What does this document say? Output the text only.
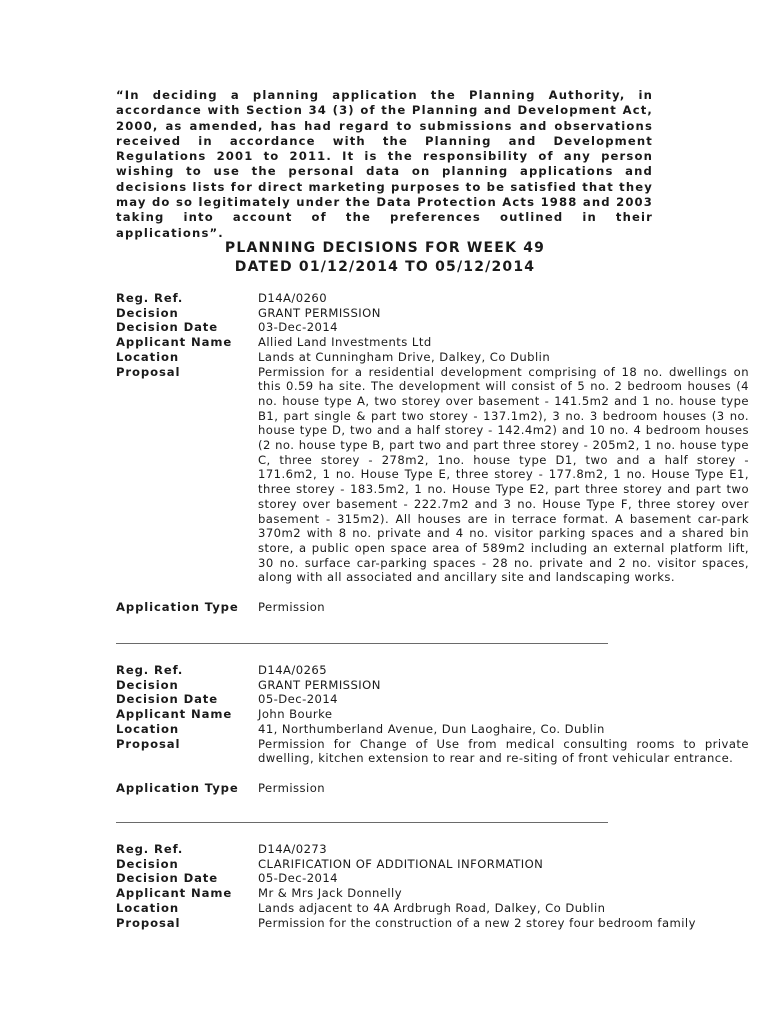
“In deciding a planning application the Planning Authority, in accordance with Section 34 (3) of the Planning and Development Act, 2000, as amended, has had regard to submissions and observations received in accordance with the Planning and Development Regulations 2001 to 2011. It is the responsibility of any person wishing to use the personal data on planning applications and decisions lists for direct marketing purposes to be satisfied that they may do so legitimately under the Data Protection Acts 1988 and 2003 taking into account of the preferences outlined in their applications”.

PLANNING DECISIONS FOR WEEK 49

DATED 01/12/2014 TO 05/12/2014

Reg. Ref.	D14A/0260
Decision	GRANT PERMISSION
Decision Date	03-Dec-2014
Applicant Name	Allied Land Investments Ltd
Location	Lands at Cunningham Drive, Dalkey, Co Dublin
Proposal	Permission for a residential development comprising of 18 no. dwellings on this 0.59 ha site. The development will consist of 5 no. 2 bedroom houses (4 no. house type A, two storey over basement - 141.5m2 and 1 no. house type B1, part single & part two storey - 137.1m2), 3 no. 3 bedroom houses (3 no. house type D, two and a half storey - 142.4m2) and 10 no. 4 bedroom houses (2 no. house type B, part two and part three storey - 205m2, 1 no. house type C, three storey - 278m2, 1no. house type D1, two and a half storey - 171.6m2, 1 no. House Type E, three storey - 177.8m2, 1 no. House Type E1, three storey - 183.5m2, 1 no. House Type E2, part three storey and part two storey over basement - 222.7m2 and 3 no. House Type F, three storey over basement - 315m2). All houses are in terrace format. A basement car-park 370m2 with 8 no. private and 4 no. visitor parking spaces and a shared bin store, a public open space area of 589m2 including an external platform lift, 30 no. surface car-parking spaces - 28 no. private and 2 no. visitor spaces, along with all associated and ancillary site and landscaping works.
Application Type	Permission
Reg. Ref.	D14A/0265
Decision	GRANT PERMISSION
Decision Date	05-Dec-2014
Applicant Name	John Bourke
Location	41, Northumberland Avenue, Dun Laoghaire, Co. Dublin
Proposal	Permission for Change of Use from medical consulting rooms to private dwelling, kitchen extension to rear and re-siting of front vehicular entrance.
Application Type	Permission
Reg. Ref.	D14A/0273
Decision	CLARIFICATION OF ADDITIONAL INFORMATION
Decision Date	05-Dec-2014
Applicant Name	Mr & Mrs Jack Donnelly
Location	Lands adjacent to 4A Ardbrugh Road, Dalkey, Co Dublin
Proposal	Permission for the construction of a new 2 storey four bedroom family
